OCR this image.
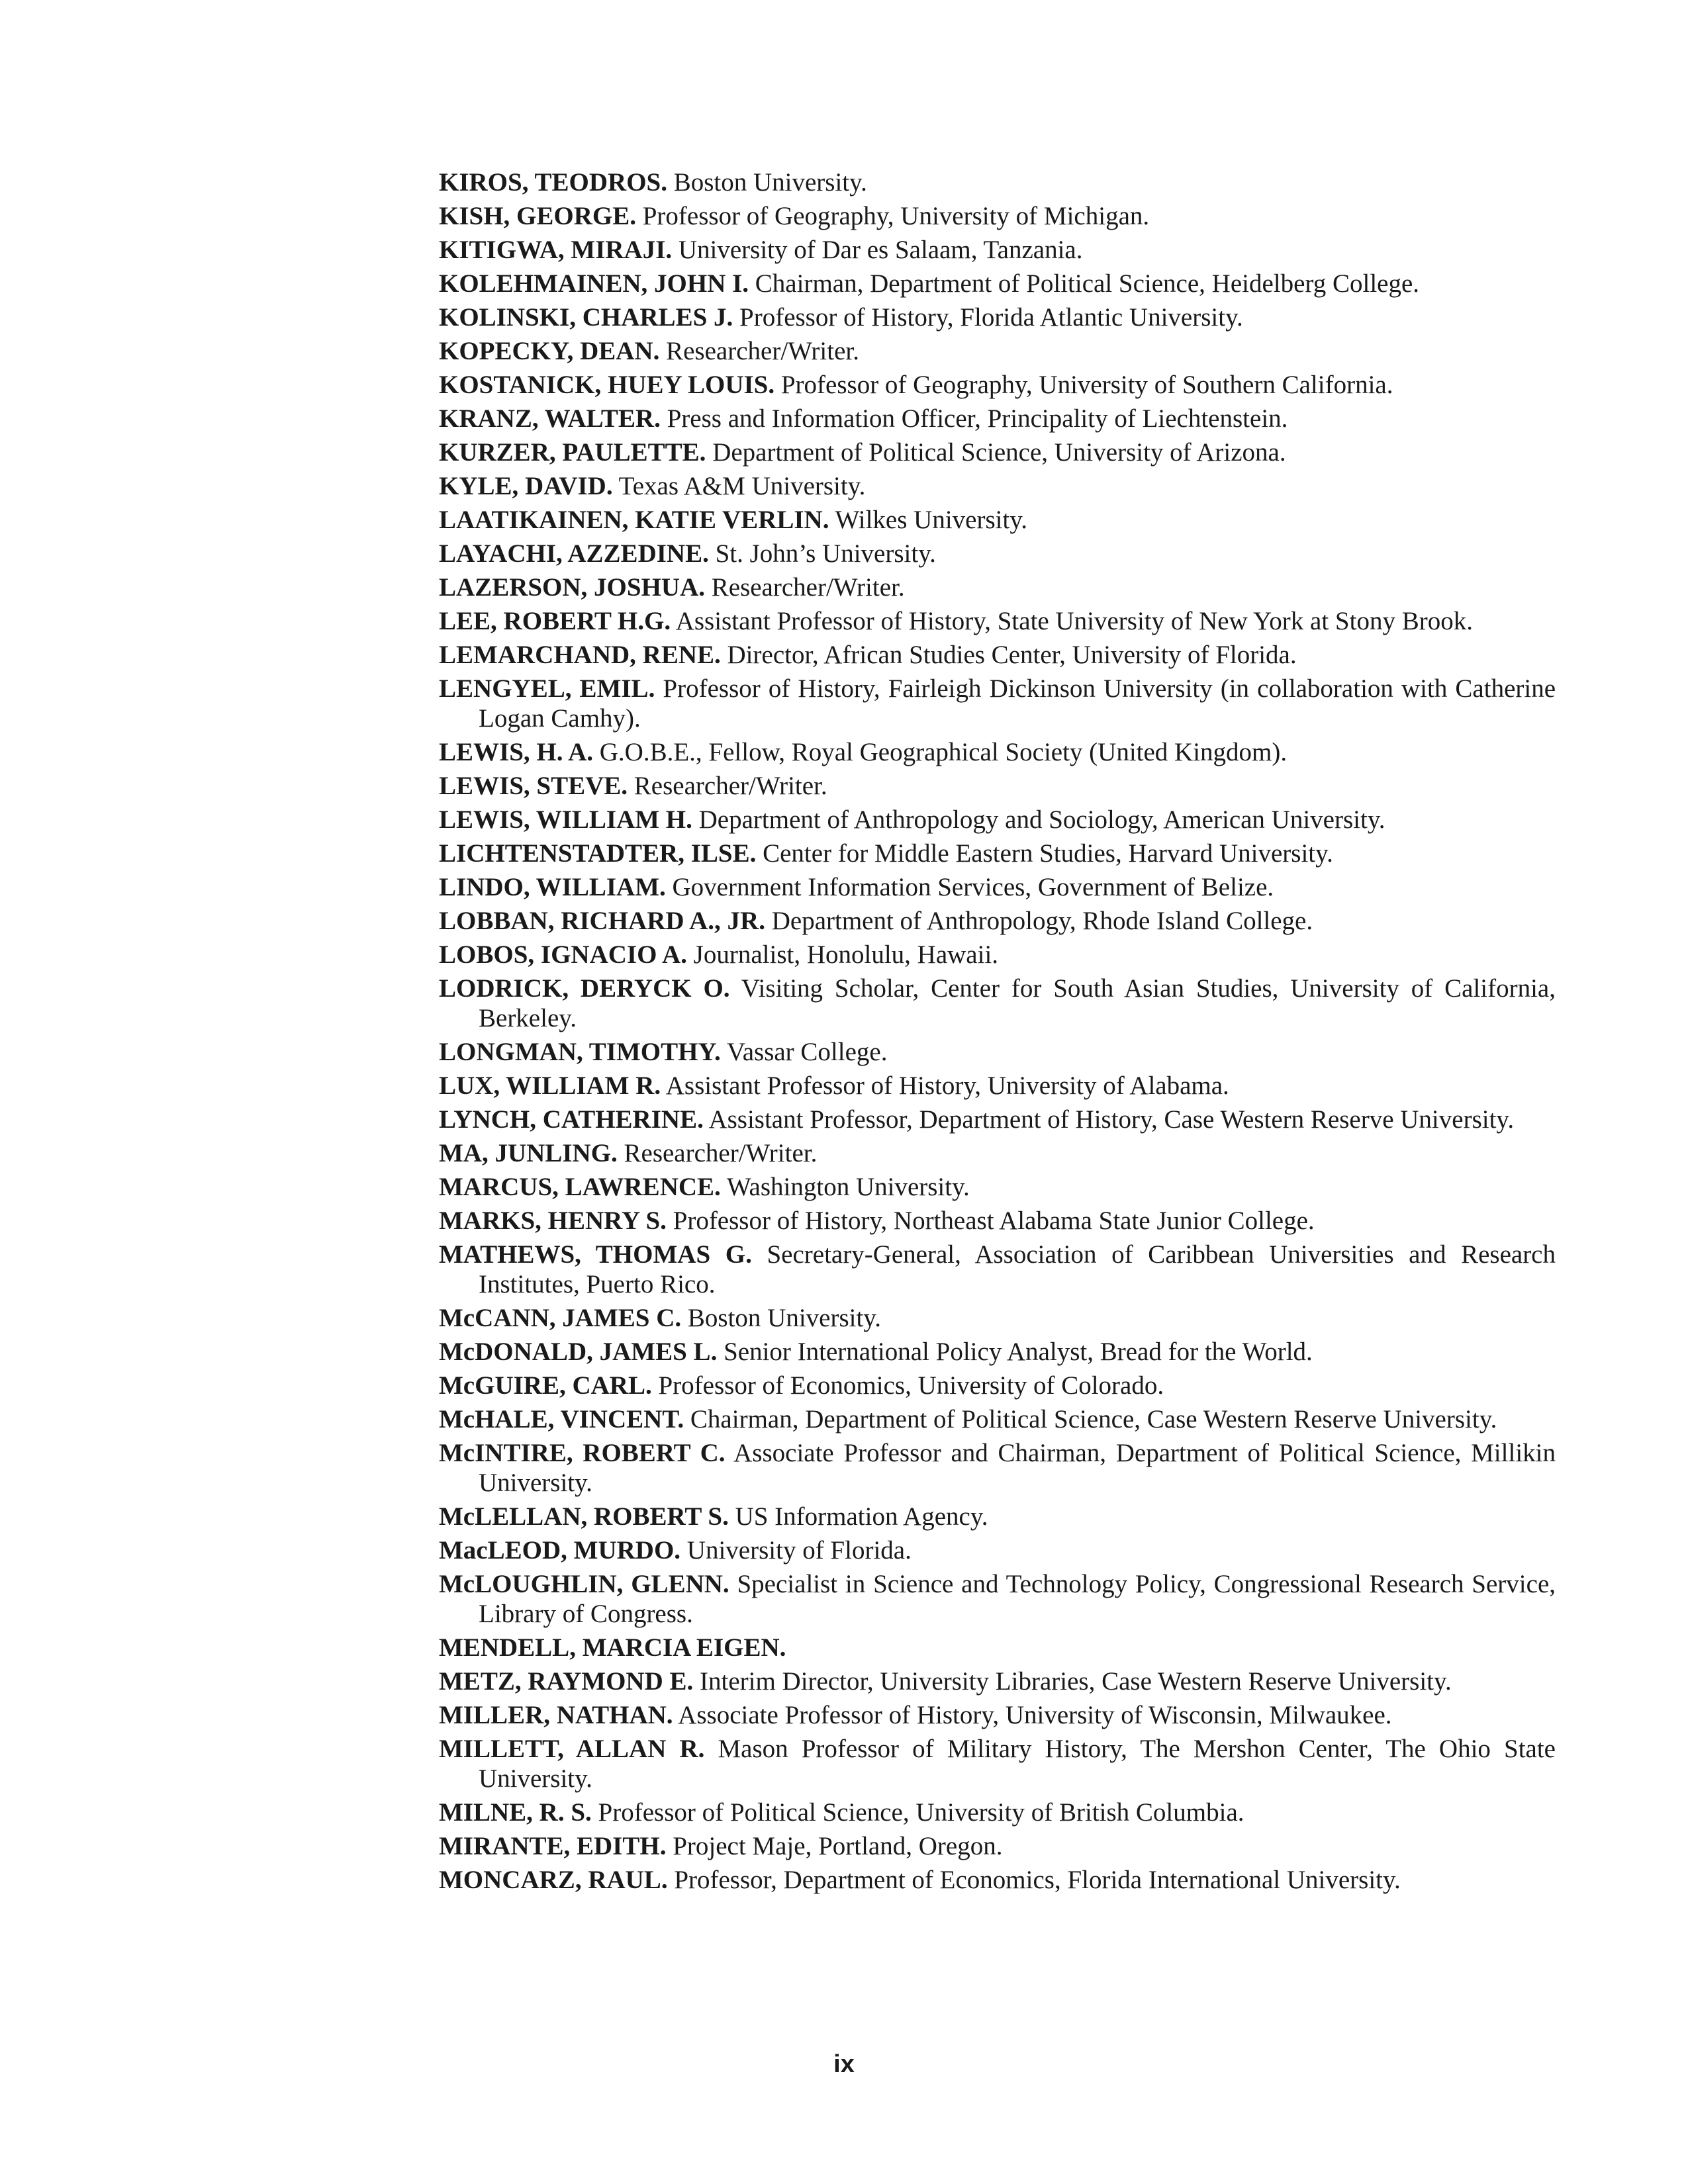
KIROS, TEODROS. Boston University.
KISH, GEORGE. Professor of Geography, University of Michigan.
KITIGWA, MIRAJI. University of Dar es Salaam, Tanzania.
KOLEHMAINEN, JOHN I. Chairman, Department of Political Science, Heidelberg College.
KOLINSKI, CHARLES J. Professor of History, Florida Atlantic University.
KOPECKY, DEAN. Researcher/Writer.
KOSTANICK, HUEY LOUIS. Professor of Geography, University of Southern California.
KRANZ, WALTER. Press and Information Officer, Principality of Liechtenstein.
KURZER, PAULETTE. Department of Political Science, University of Arizona.
KYLE, DAVID. Texas A&M University.
LAATIKAINEN, KATIE VERLIN. Wilkes University.
LAYACHI, AZZEDINE. St. John’s University.
LAZERSON, JOSHUA. Researcher/Writer.
LEE, ROBERT H.G. Assistant Professor of History, State University of New York at Stony Brook.
LEMARCHAND, RENE. Director, African Studies Center, University of Florida.
LENGYEL, EMIL. Professor of History, Fairleigh Dickinson University (in collaboration with Catherine Logan Camhy).
LEWIS, H. A. G.O.B.E., Fellow, Royal Geographical Society (United Kingdom).
LEWIS, STEVE. Researcher/Writer.
LEWIS, WILLIAM H. Department of Anthropology and Sociology, American University.
LICHTENSTADTER, ILSE. Center for Middle Eastern Studies, Harvard University.
LINDO, WILLIAM. Government Information Services, Government of Belize.
LOBBAN, RICHARD A., JR. Department of Anthropology, Rhode Island College.
LOBOS, IGNACIO A. Journalist, Honolulu, Hawaii.
LODRICK, DERYCK O. Visiting Scholar, Center for South Asian Studies, University of California, Berkeley.
LONGMAN, TIMOTHY. Vassar College.
LUX, WILLIAM R. Assistant Professor of History, University of Alabama.
LYNCH, CATHERINE. Assistant Professor, Department of History, Case Western Reserve University.
MA, JUNLING. Researcher/Writer.
MARCUS, LAWRENCE. Washington University.
MARKS, HENRY S. Professor of History, Northeast Alabama State Junior College.
MATHEWS, THOMAS G. Secretary-General, Association of Caribbean Universities and Research Institutes, Puerto Rico.
McCANN, JAMES C. Boston University.
McDONALD, JAMES L. Senior International Policy Analyst, Bread for the World.
McGUIRE, CARL. Professor of Economics, University of Colorado.
McHALE, VINCENT. Chairman, Department of Political Science, Case Western Reserve University.
McINTIRE, ROBERT C. Associate Professor and Chairman, Department of Political Science, Millikin University.
McLELLAN, ROBERT S. US Information Agency.
MacLEOD, MURDO. University of Florida.
McLOUGHLIN, GLENN. Specialist in Science and Technology Policy, Congressional Research Service, Library of Congress.
MENDELL, MARCIA EIGEN.
METZ, RAYMOND E. Interim Director, University Libraries, Case Western Reserve University.
MILLER, NATHAN. Associate Professor of History, University of Wisconsin, Milwaukee.
MILLETT, ALLAN R. Mason Professor of Military History, The Mershon Center, The Ohio State University.
MILNE, R. S. Professor of Political Science, University of British Columbia.
MIRANTE, EDITH. Project Maje, Portland, Oregon.
MONCARZ, RAUL. Professor, Department of Economics, Florida International University.
ix
